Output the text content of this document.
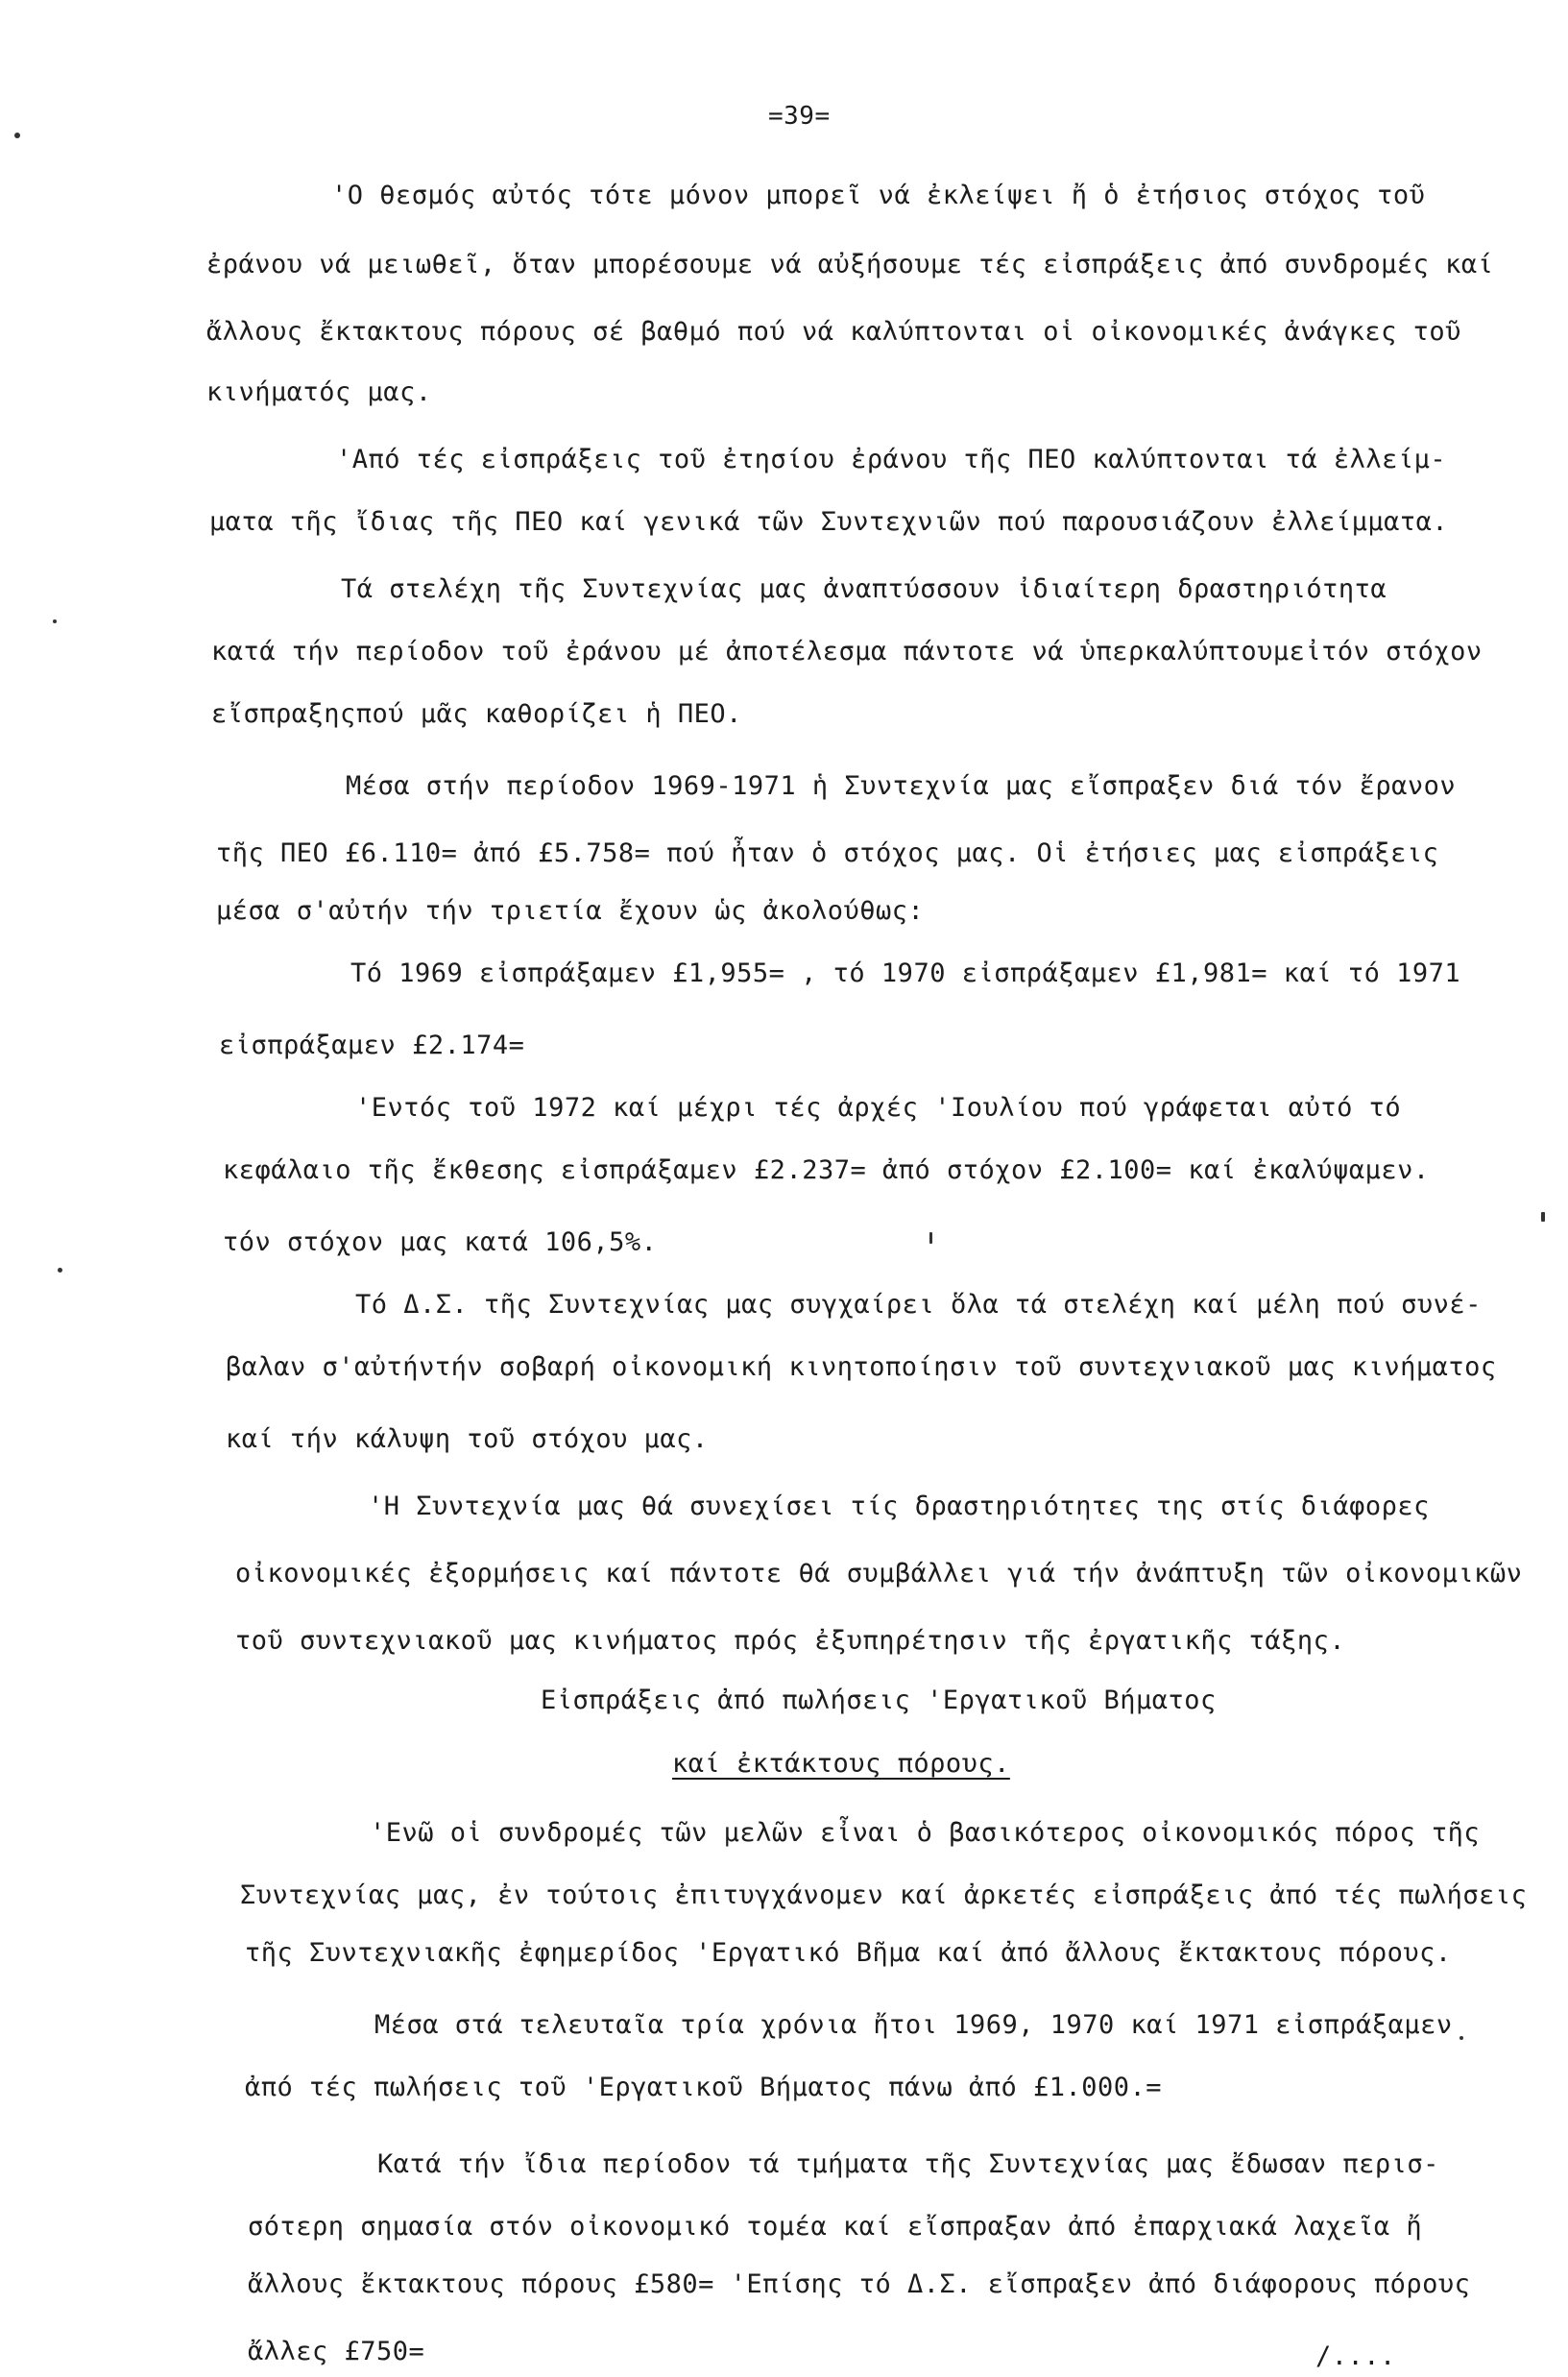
=39=
'Ο θεσμός αὐτός τότε μόνον μπορεῖ νά ἐκλείψει ἤ ὁ ἐτήσιος στόχος τοῦ
ἐράνου νά μειωθεῖ, ὅταν μπορέσουμε νά αὐξήσουμε τές εἰσπράξεις ἀπό συνδρομές καί
ἄλλους ἔκτακτους πόρους σέ βαθμό πού νά καλύπτονται οἱ οἰκονομικές ἀνάγκες τοῦ
κινήματός μας.
'Από τές εἰσπράξεις τοῦ ἐτησίου ἐράνου τῆς ΠΕΟ καλύπτονται τά ἐλλείμ-
ματα τῆς ἴδιας τῆς ΠΕΟ καί γενικά τῶν Συντεχνιῶν πού παρουσιάζουν ἐλλείμματα.
Τά στελέχη τῆς Συντεχνίας μας ἀναπτύσσουν ἰδιαίτερη δραστηριότητα
κατά τήν περίοδον τοῦ ἐράνου μέ ἀποτέλεσμα πάντοτε νά ὑπερκαλύπτουμεἰτόν στόχον
εἴσπραξηςπού μᾶς καθορίζει ἡ ΠΕΟ.
Μέσα στήν περίοδον 1969-1971 ἡ Συντεχνία μας εἴσπραξεν διά τόν ἔρανον
τῆς ΠΕΟ £6.110= ἀπό £5.758= πού ἦταν ὁ στόχος μας. Οἱ ἐτήσιες μας εἰσπράξεις
μέσα σ'αὐτήν τήν τριετία ἔχουν ὡς ἀκολούθως:
Τό 1969 εἰσπράξαμεν £1,955= , τό 1970 εἰσπράξαμεν £1,981= καί τό 1971
εἰσπράξαμεν £2.174=
'Εντός τοῦ 1972 καί μέχρι τές ἀρχές 'Ιουλίου πού γράφεται αὐτό τό
κεφάλαιο τῆς ἔκθεσης εἰσπράξαμεν £2.237= ἀπό στόχον £2.100= καί ἐκαλύψαμεν.
τόν στόχον μας κατά 106,5%.
Τό Δ.Σ. τῆς Συντεχνίας μας συγχαίρει ὅλα τά στελέχη καί μέλη πού συνέ-
βαλαν σ'αὐτήντήν σοβαρή οἰκονομική κινητοποίησιν τοῦ συντεχνιακοῦ μας κινήματος
καί τήν κάλυψη τοῦ στόχου μας.
'Η Συντεχνία μας θά συνεχίσει τίς δραστηριότητες της στίς διάφορες
οἰκονομικές ἐξορμήσεις καί πάντοτε θά συμβάλλει γιά τήν ἀνάπτυξη τῶν οἰκονομικῶν
τοῦ συντεχνιακοῦ μας κινήματος πρός ἐξυπηρέτησιν τῆς ἐργατικῆς τάξης.
Εἰσπράξεις ἀπό πωλήσεις 'Εργατικοῦ Βήματος
καί ἐκτάκτους πόρους.
'Ενῶ οἱ συνδρομές τῶν μελῶν εἶναι ὁ βασικότερος οἰκονομικός πόρος τῆς
Συντεχνίας μας, ἐν τούτοις ἐπιτυγχάνομεν καί ἀρκετές εἰσπράξεις ἀπό τές πωλήσεις
τῆς Συντεχνιακῆς ἐφημερίδος 'Εργατικό Βῆμα καί ἀπό ἄλλους ἔκτακτους πόρους.
Μέσα στά τελευταῖα τρία χρόνια ἤτοι 1969, 1970 καί 1971 εἰσπράξαμεν
ἀπό τές πωλήσεις τοῦ 'Εργατικοῦ Βήματος πάνω ἀπό £1.000.=
Κατά τήν ἴδια περίοδον τά τμήματα τῆς Συντεχνίας μας ἔδωσαν περισ-
σότερη σημασία στόν οἰκονομικό τομέα καί εἴσπραξαν ἀπό ἐπαρχιακά λαχεῖα ἤ
ἄλλους ἔκτακτους πόρους £580= 'Επίσης τό Δ.Σ. εἴσπραξεν ἀπό διάφορους πόρους
ἄλλες £750=	/....
